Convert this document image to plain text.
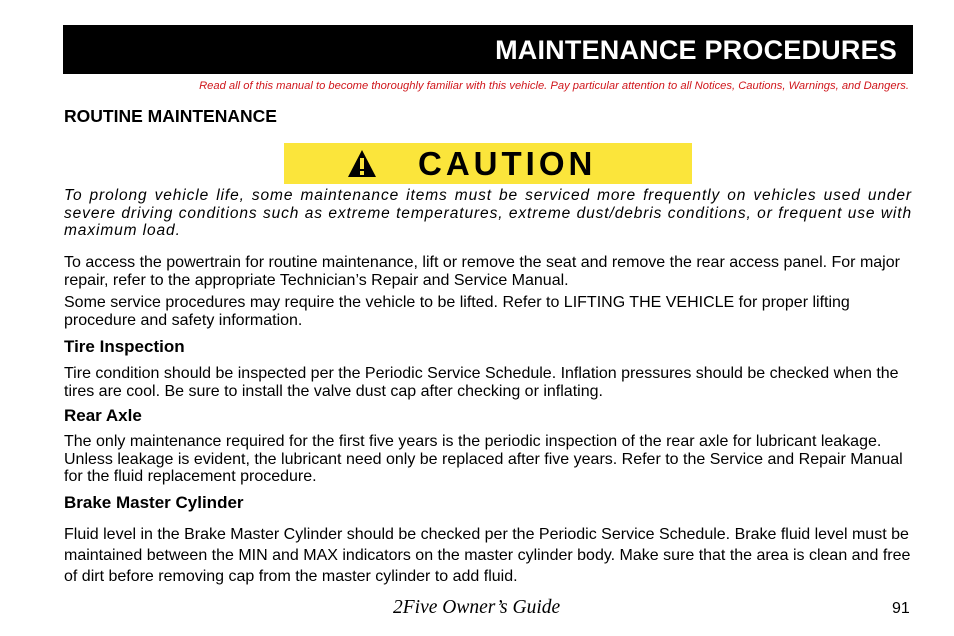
MAINTENANCE PROCEDURES
Read all of this manual to become thoroughly familiar with this vehicle. Pay particular attention to all Notices, Cautions, Warnings, and Dangers.
ROUTINE MAINTENANCE
CAUTION
To prolong vehicle life, some maintenance items must be serviced more frequently on vehicles used under severe driving conditions such as extreme temperatures, extreme dust/debris conditions, or frequent use with maximum load.
To access the powertrain for routine maintenance, lift or remove the seat and remove the rear access panel. For major repair, refer to the appropriate Technician’s Repair and Service Manual.
Some service procedures may require the vehicle to be lifted. Refer to LIFTING THE VEHICLE for proper lifting procedure and safety information.
Tire Inspection
Tire condition should be inspected per the Periodic Service Schedule. Inflation pressures should be checked when the tires are cool. Be sure to install the valve dust cap after checking or inflating.
Rear Axle
The only maintenance required for the first five years is the periodic inspection of the rear axle for lubricant leakage. Unless leakage is evident, the lubricant need only be replaced after five years. Refer to the Service and Repair Manual for the fluid replacement procedure.
Brake Master Cylinder
Fluid level in the Brake Master Cylinder should be checked per the Periodic Service Schedule. Brake fluid level must be maintained between the MIN and MAX indicators on the master cylinder body. Make sure that the area is clean and free of dirt before removing cap from the master cylinder to add fluid.
2Five Owner’s Guide	91
